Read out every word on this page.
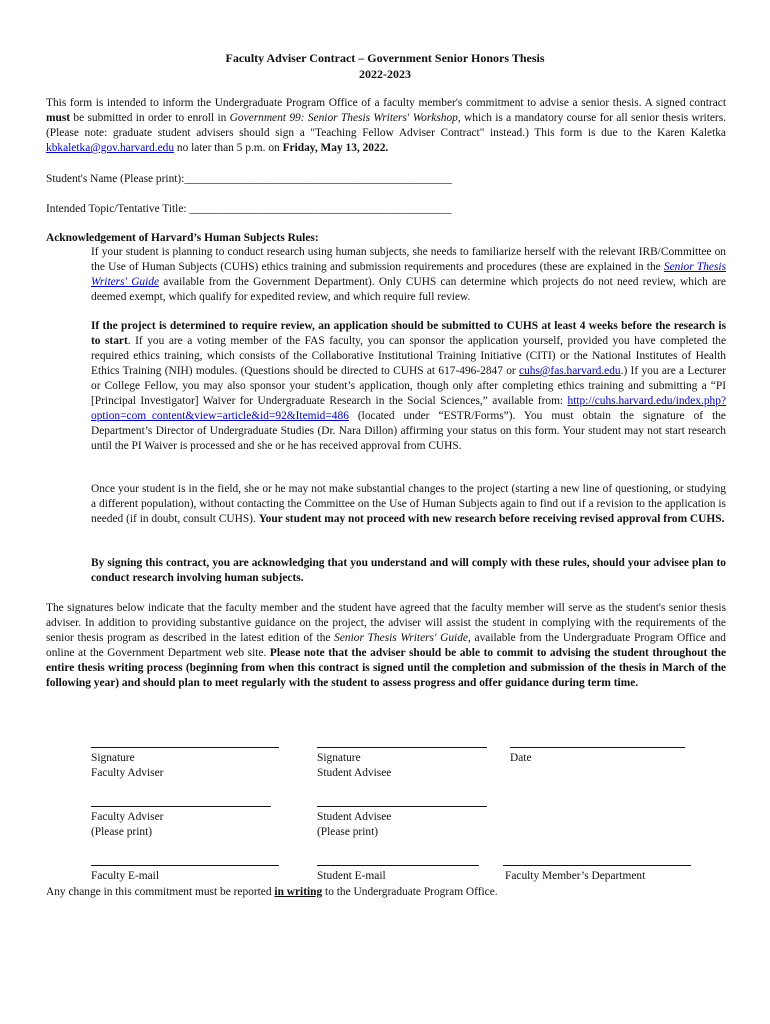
Faculty Adviser Contract – Government Senior Honors Thesis
2022-2023

This form is intended to inform the Undergraduate Program Office of a faculty member's commitment to advise a senior thesis. A signed contract must be submitted in order to enroll in Government 99: Senior Thesis Writers' Workshop, which is a mandatory course for all senior thesis writers. (Please note: graduate student advisers should sign a "Teaching Fellow Adviser Contract" instead.) This form is due to the Karen Kaletka kbkaletka@gov.harvard.edu no later than 5 p.m. on Friday, May 13, 2022.

Student's Name (Please print):_______________________________________________
Intended Topic/Tentative Title: ______________________________________________
Acknowledgement of Harvard’s Human Subjects Rules:

If your student is planning to conduct research using human subjects, she needs to familiarize herself with the relevant IRB/Committee on the Use of Human Subjects (CUHS) ethics training and submission requirements and procedures (these are explained in the Senior Thesis Writers' Guide available from the Government Department). Only CUHS can determine which projects do not need review, which are deemed exempt, which qualify for expedited review, and which require full review.

If the project is determined to require review, an application should be submitted to CUHS at least 4 weeks before the research is to start. If you are a voting member of the FAS faculty, you can sponsor the application yourself, provided you have completed the required ethics training, which consists of the Collaborative Institutional Training Initiative (CITI) or the National Institutes of Health Ethics Training (NIH) modules. (Questions should be directed to CUHS at 617-496-2847 or cuhs@fas.harvard.edu.) If you are a Lecturer or College Fellow, you may also sponsor your student’s application, though only after completing ethics training and submitting a “PI [Principal Investigator] Waiver for Undergraduate Research in the Social Sciences,” available from: http://cuhs.harvard.edu/index.php?option=com_content&view=article&id=92&Itemid=486 (located under “ESTR/Forms”). You must obtain the signature of the Department’s Director of Undergraduate Studies (Dr. Nara Dillon) affirming your status on this form. Your student may not start research until the PI Waiver is processed and she or he has received approval from CUHS.

Once your student is in the field, she or he may not make substantial changes to the project (starting a new line of questioning, or studying a different population), without contacting the Committee on the Use of Human Subjects again to find out if a revision to the application is needed (if in doubt, consult CUHS). Your student may not proceed with new research before receiving revised approval from CUHS.

By signing this contract, you are acknowledging that you understand and will comply with these rules, should your advisee plan to conduct research involving human subjects.

The signatures below indicate that the faculty member and the student have agreed that the faculty member will serve as the student's senior thesis adviser. In addition to providing substantive guidance on the project, the adviser will assist the student in complying with the requirements of the senior thesis program as described in the latest edition of the Senior Thesis Writers' Guide, available from the Undergraduate Program Office and online at the Government Department web site. Please note that the adviser should be able to commit to advising the student throughout the entire thesis writing process (beginning from when this contract is signed until the completion and submission of the thesis in March of the following year) and should plan to meet regularly with the student to assess progress and offer guidance during term time.

Signature
Faculty Adviser
Signature
Student Advisee
Date
Faculty Adviser
(Please print)
Student Advisee
(Please print)
Faculty E-mail	Student E-mail	Faculty Member’s Department
Any change in this commitment must be reported in writing to the Undergraduate Program Office.
